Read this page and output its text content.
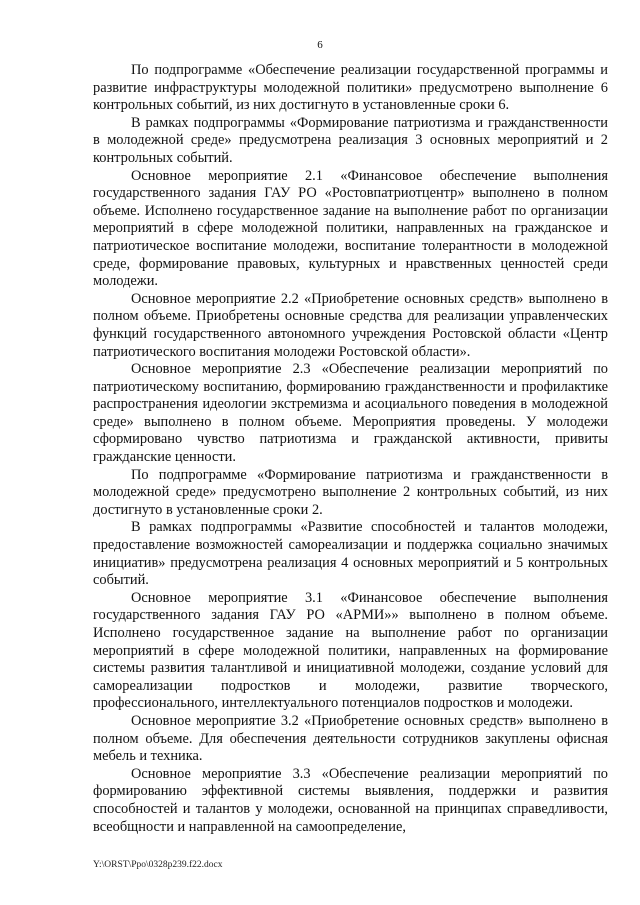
6

По подпрограмме «Обеспечение реализации государственной программы и развитие инфраструктуры молодежной политики» предусмотрено выполнение 6 контрольных событий, из них достигнуто в установленные сроки 6.

В рамках подпрограммы «Формирование патриотизма и гражданственности в молодежной среде» предусмотрена реализация 3 основных мероприятий и 2 контрольных событий.

Основное мероприятие 2.1 «Финансовое обеспечение выполнения государственного задания ГАУ РО «Ростовпатриотцентр» выполнено в полном объеме. Исполнено государственное задание на выполнение работ по организации мероприятий в сфере молодежной политики, направленных на гражданское и патриотическое воспитание молодежи, воспитание толерантности в молодежной среде, формирование правовых, культурных и нравственных ценностей среди молодежи.

Основное мероприятие 2.2 «Приобретение основных средств» выполнено в полном объеме. Приобретены основные средства для реализации управленческих функций государственного автономного учреждения Ростовской области «Центр патриотического воспитания молодежи Ростовской области».

Основное мероприятие 2.3 «Обеспечение реализации мероприятий по патриотическому воспитанию, формированию гражданственности и профилактике распространения идеологии экстремизма и асоциального поведения в молодежной среде» выполнено в полном объеме. Мероприятия проведены. У молодежи сформировано чувство патриотизма и гражданской активности, привиты гражданские ценности.

По подпрограмме «Формирование патриотизма и гражданственности в молодежной среде» предусмотрено выполнение 2 контрольных событий, из них достигнуто в установленные сроки 2.

В рамках подпрограммы «Развитие способностей и талантов молодежи, предоставление возможностей самореализации и поддержка социально значимых инициатив» предусмотрена реализация 4 основных мероприятий и 5 контрольных событий.

Основное мероприятие 3.1 «Финансовое обеспечение выполнения государственного задания ГАУ РО «АРМИ»» выполнено в полном объеме. Исполнено государственное задание на выполнение работ по организации мероприятий в сфере молодежной политики, направленных на формирование системы развития талантливой и инициативной молодежи, создание условий для самореализации подростков и молодежи, развитие творческого, профессионального, интеллектуального потенциалов подростков и молодежи.

Основное мероприятие 3.2 «Приобретение основных средств» выполнено в полном объеме. Для обеспечения деятельности сотрудников закуплены офисная мебель и техника.

Основное мероприятие 3.3 «Обеспечение реализации мероприятий по формированию эффективной системы выявления, поддержки и развития способностей и талантов у молодежи, основанной на принципах справедливости, всеобщности и направленной на самоопределение,

Y:\ORST\Ppo\0328p239.f22.docx
